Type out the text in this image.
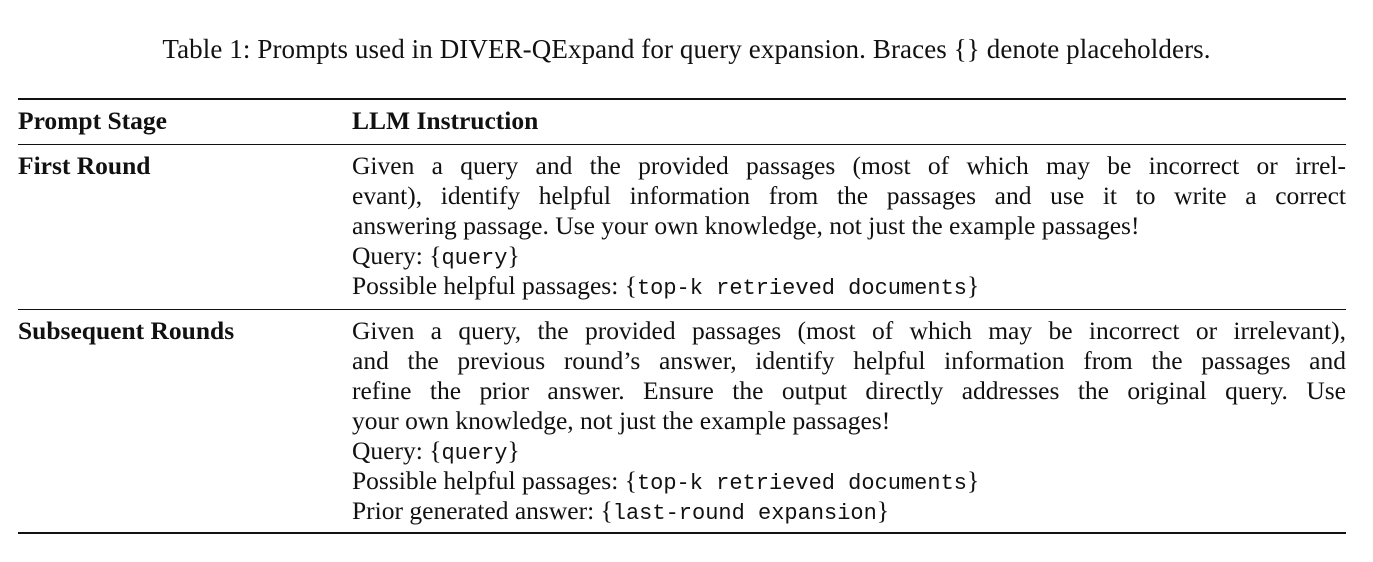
Table 1: Prompts used in DIVER-QExpand for query expansion. Braces {} denote placeholders.
Prompt Stage	LLM Instruction
First Round	Given a query and the provided passages (most of which may be incorrect or irrel-
evant), identify helpful information from the passages and use it to write a correct
answering passage. Use your own knowledge, not just the example passages!
Query: {query}
Possible helpful passages: {top-k retrieved documents}
Subsequent Rounds	Given a query, the provided passages (most of which may be incorrect or irrelevant),
and the previous round’s answer, identify helpful information from the passages and
refine the prior answer. Ensure the output directly addresses the original query. Use
your own knowledge, not just the example passages!
Query: {query}
Possible helpful passages: {top-k retrieved documents}
Prior generated answer: {last-round expansion}
